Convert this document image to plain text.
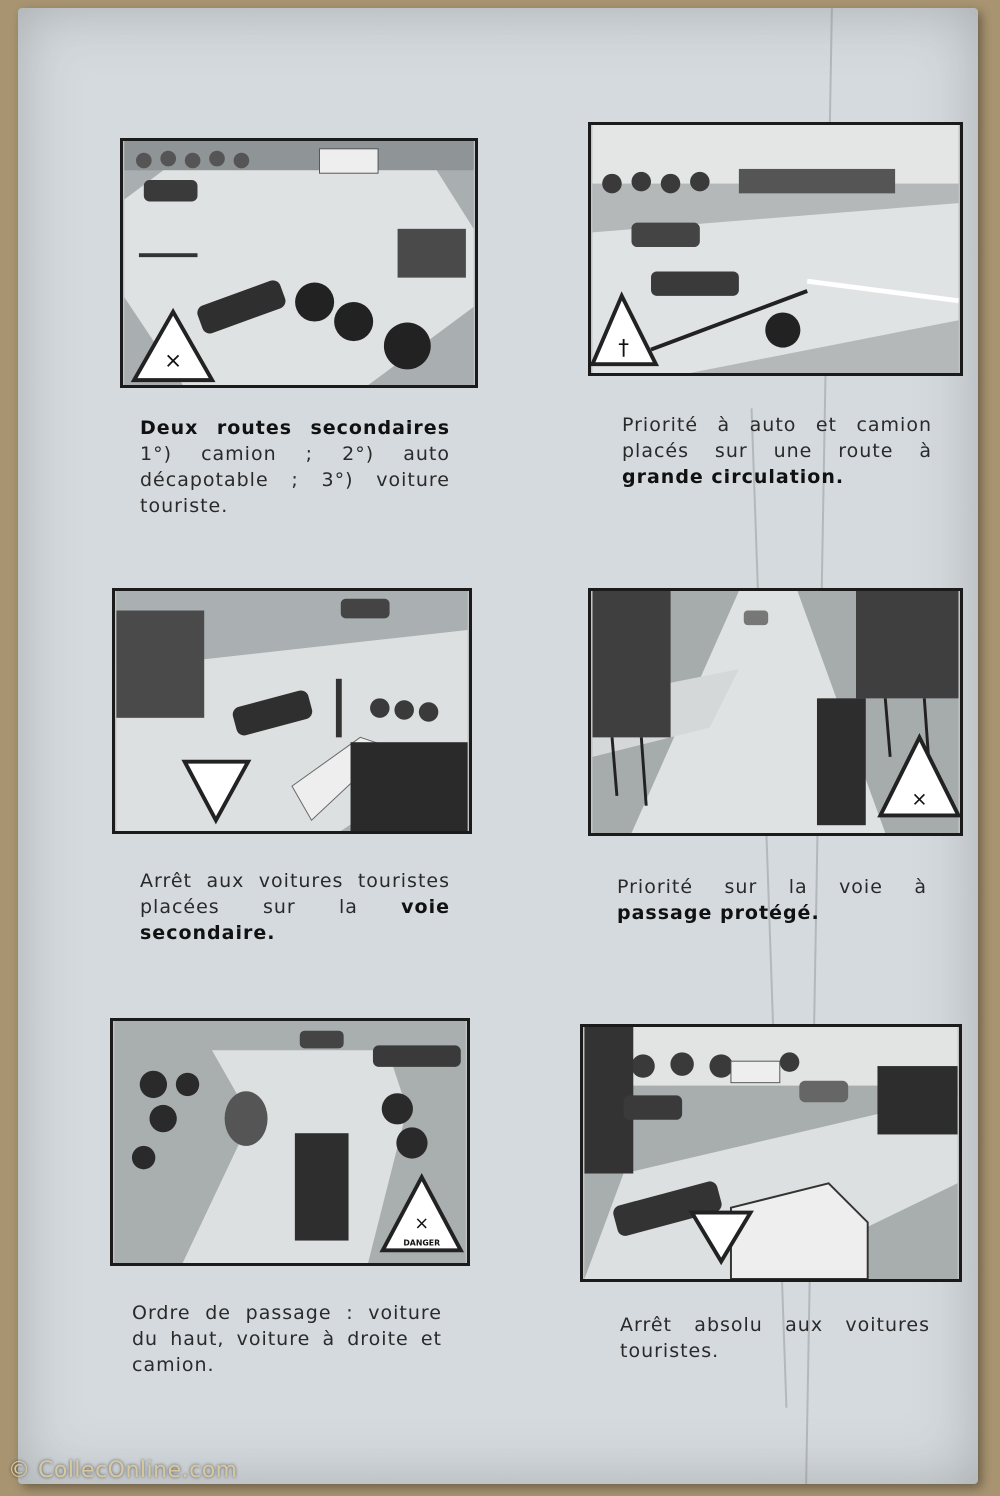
×
Deux routes secondaires 1°) camion ; 2°) auto décapotable ; 3°) voiture touriste.
†
Priorité à auto et camion placés sur une route à grande circulation.
Arrêt aux voitures touristes placées sur la voie secondaire.
×
Priorité sur la voie à passage protégé.
×
DANGER
Ordre de passage : voiture du haut, voiture à droite et camion.
Arrêt absolu aux voitures touristes.
© CollecOnline.com
